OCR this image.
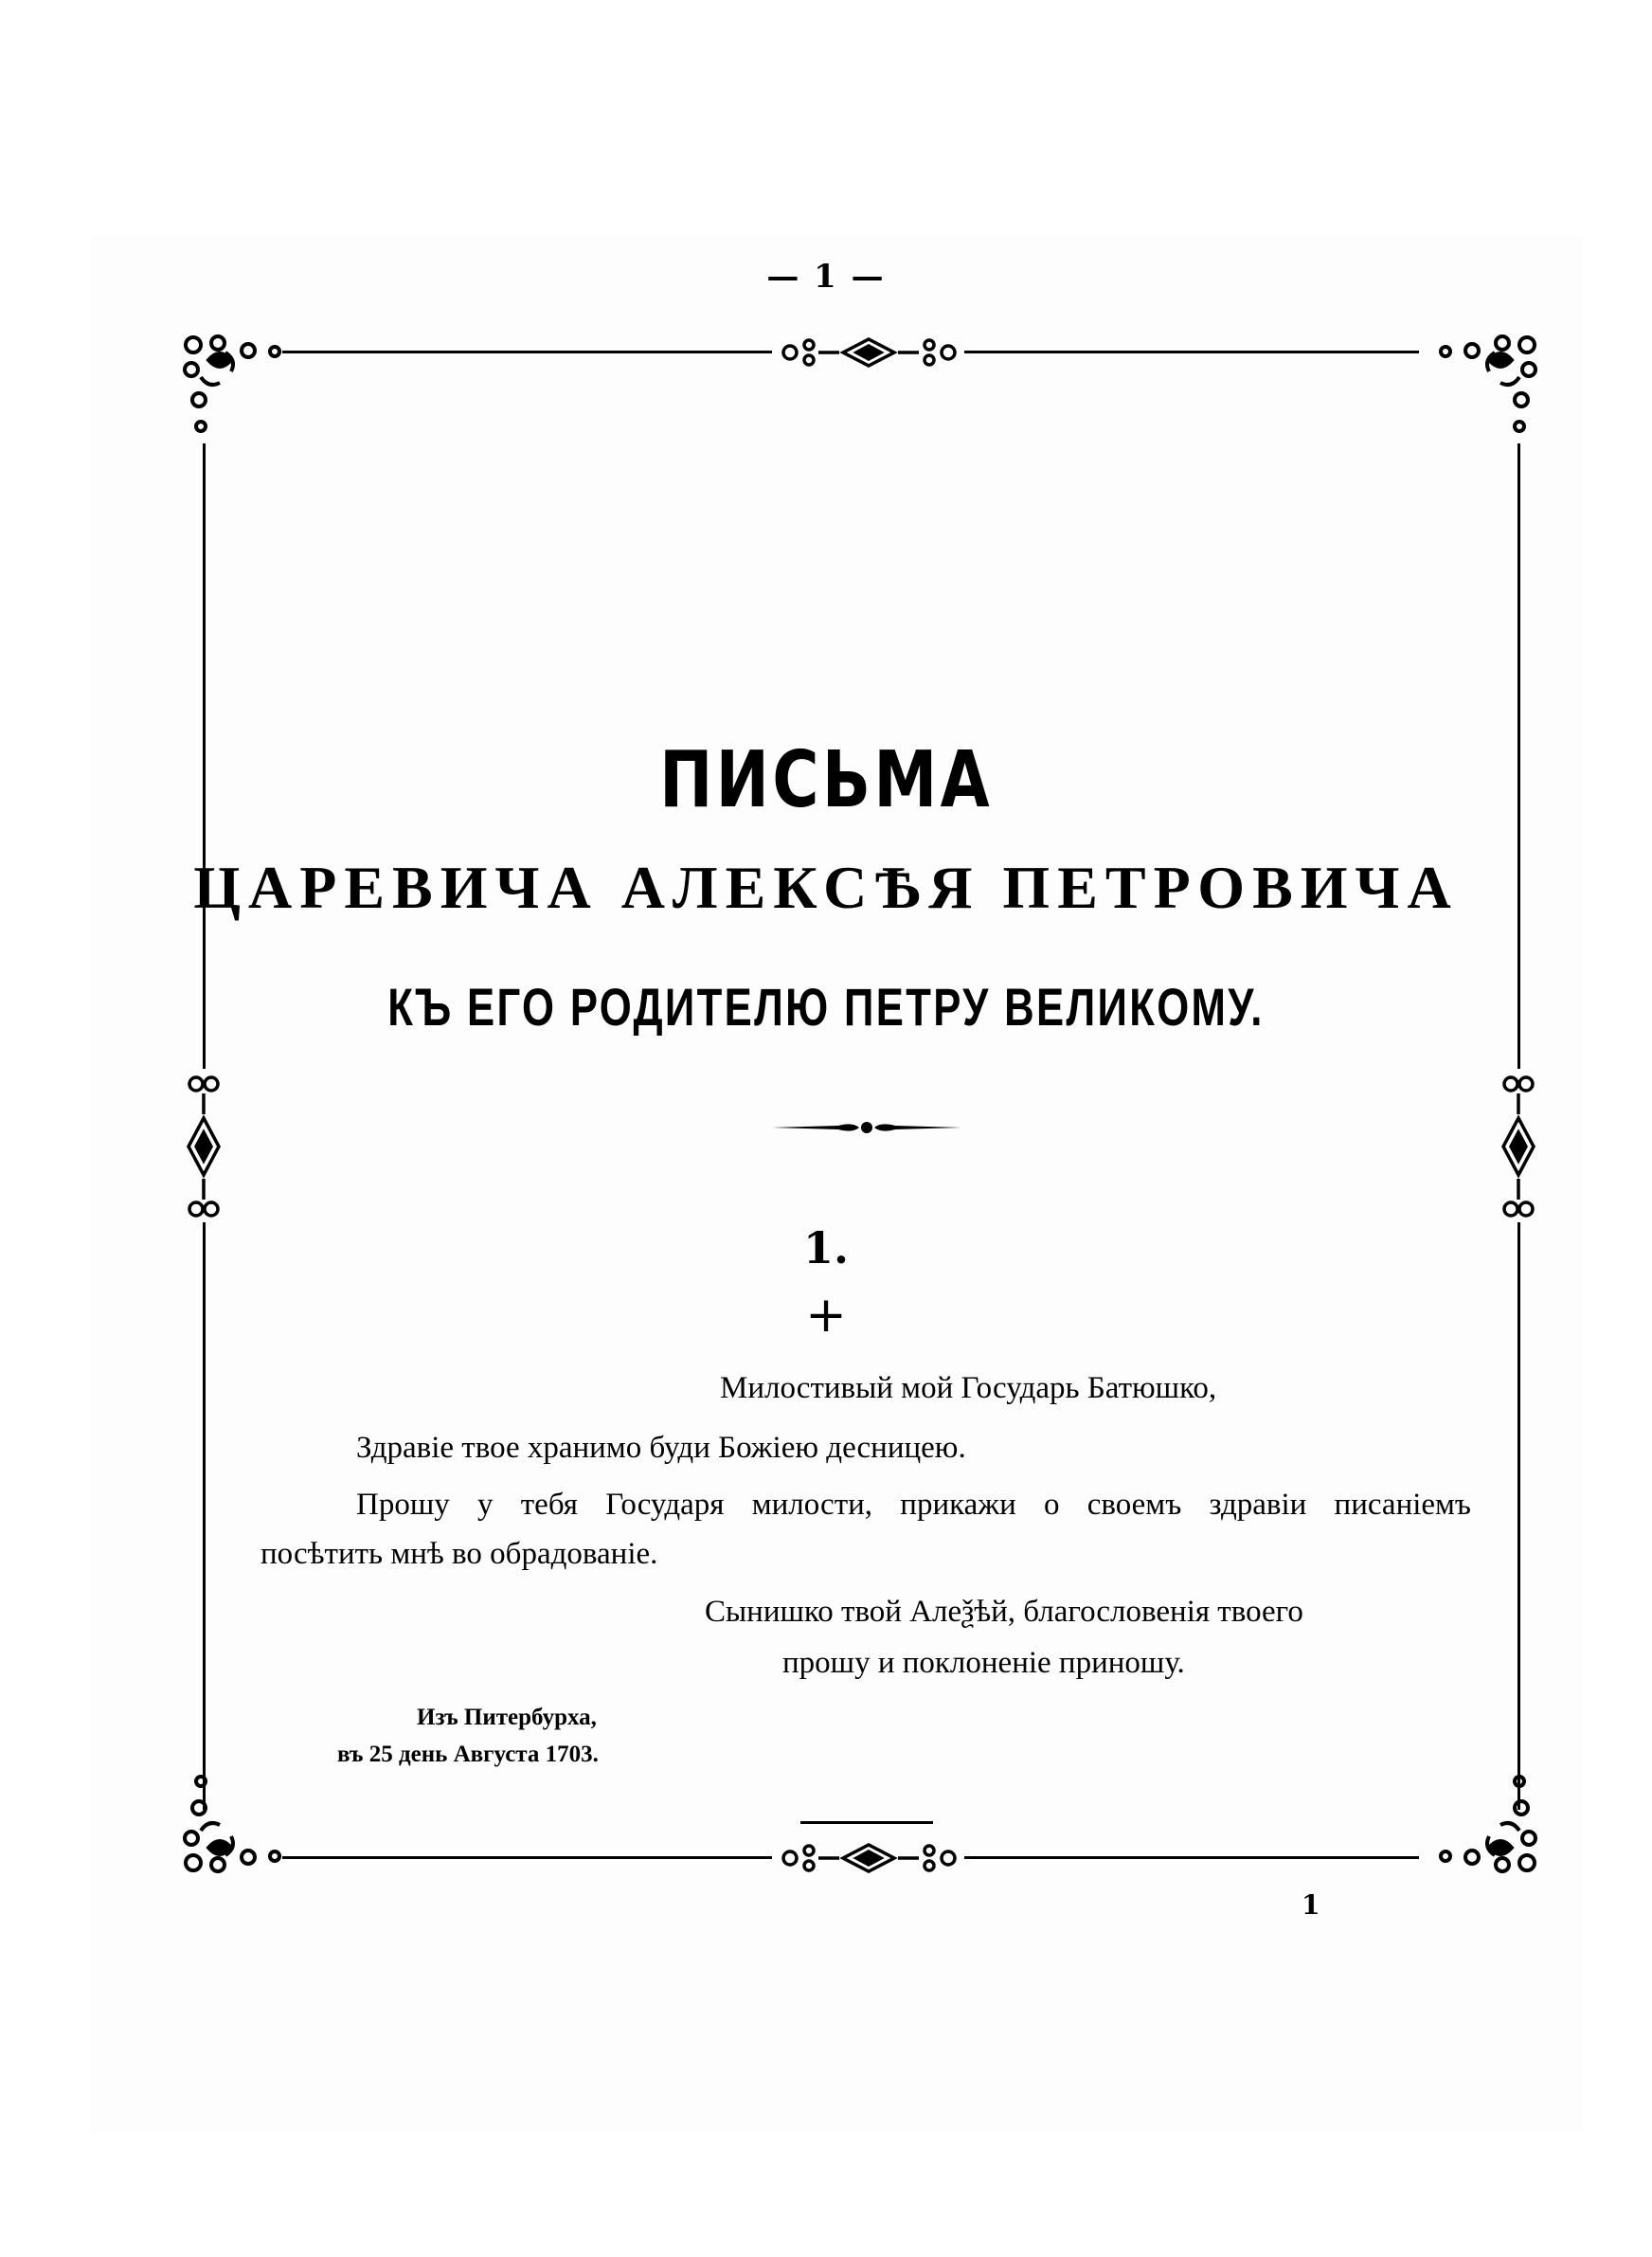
— 1 —
ПИСЬМА
ЦАРЕВИЧА АЛЕКСѢЯ ПЕТРОВИЧА
КЪ ЕГО РОДИТЕЛЮ ПЕТРУ ВЕЛИКОМУ.
1.
+
Милостивый мой Государь Батюшко,
Здравіе твое хранимо буди Божіею десницею.
Прошу у тебя Государя милости, прикажи о своемъ здравіи писаніемъ
посѣтить мнѣ во обрадованіе.
Сынишко твой Алеѯѣй, благословенія твоего
прошу и поклоненіе приношу.
Изъ Питербурха,
въ 25 день Августа 1703.
1
